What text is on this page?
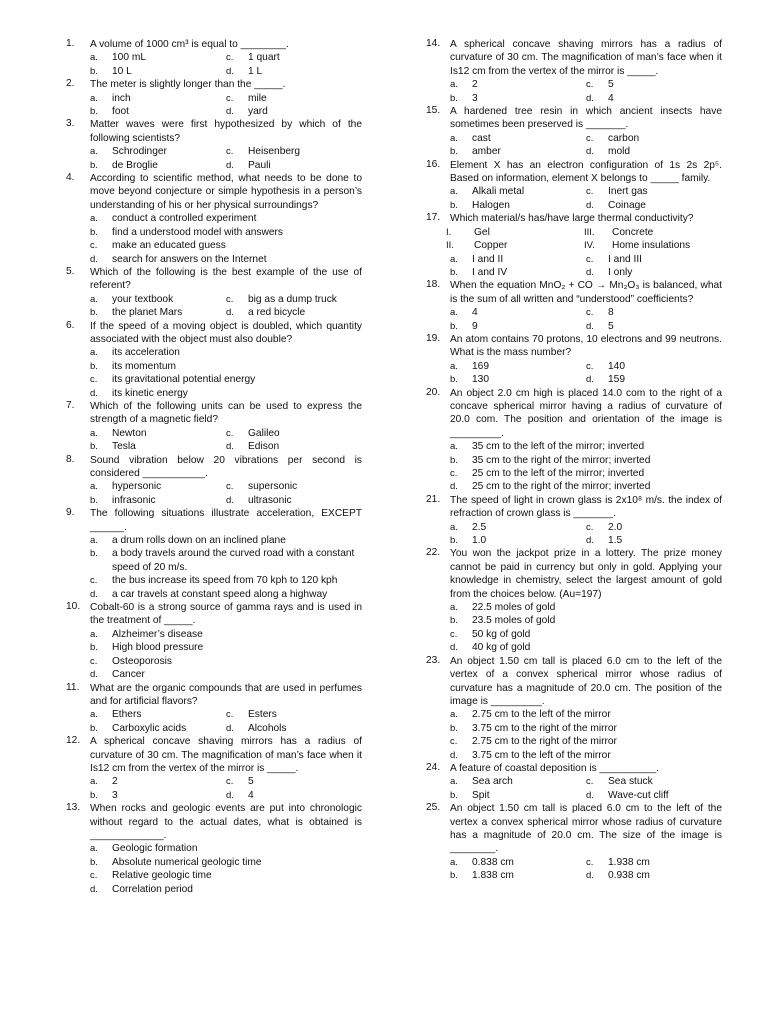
1. A volume of 1000 cm³ is equal to ________.
a. 100 mL	c. 1 quart
b. 10 L	d. 1 L
2. The meter is slightly longer than the _____.
a. inch	c. mile
b. foot	d. yard
3. Matter waves were first hypothesized by which of the following scientists?
a. Schrodinger	c. Heisenberg
b. de Broglie	d. Pauli
4. According to scientific method, what needs to be done to move beyond conjecture or simple hypothesis in a person’s understanding of his or her physical surroundings?
a. conduct a controlled experiment
b. find a understood model with answers
c. make an educated guess
d. search for answers on the Internet
5. Which of the following is the best example of the use of referent?
a. your textbook	c. big as a dump truck
b. the planet Mars	d. a red bicycle
6. If the speed of a moving object is doubled, which quantity associated with the object must also double?
a. its acceleration
b. its momentum
c. its gravitational potential energy
d. its kinetic energy
7. Which of the following units can be used to express the strength of a magnetic field?
a. Newton	c. Galileo
b. Tesla	d. Edison
8. Sound vibration below 20 vibrations per second is considered ___________.
a. hypersonic	c. supersonic
b. infrasonic	d. ultrasonic
9. The following situations illustrate acceleration, EXCEPT ______.
a. a drum rolls down on an inclined plane
b. a body travels around the curved road with a constant speed of 20 m/s.
c. the bus increase its speed from 70 kph to 120 kph
d. a car travels at constant speed along a highway
10. Cobalt-60 is a strong source of gamma rays and is used in the treatment of _____.
a. Alzheimer’s disease
b. High blood pressure
c. Osteoporosis
d. Cancer
11. What are the organic compounds that are used in perfumes and for artificial flavors?
a. Ethers	c. Esters
b. Carboxylic acids	d. Alcohols
12. A spherical concave shaving mirrors has a radius of curvature of 30 cm. The magnification of man’s face when it Is12 cm from the vertex of the mirror is _____.
a. 2	c. 5
b. 3	d. 4
13. When rocks and geologic events are put into chronologic without regard to the actual dates, what is obtained is _____________.
a. Geologic formation
b. Absolute numerical geologic time
c. Relative geologic time
d. Correlation period
14. A spherical concave shaving mirrors has a radius of curvature of 30 cm. The magnification of man’s face when it Is12 cm from the vertex of the mirror is _____.
a. 2	c. 5
b. 3	d. 4
15. A hardened tree resin in which ancient insects have sometimes been preserved is _______.
a. cast	c. carbon
b. amber	d. mold
16. Element X has an electron configuration of 1s 2s 2p⁵. Based on information, element X belongs to _____ family.
a. Alkali metal	c. Inert gas
b. Halogen	d. Coinage
17. Which material/s has/have large thermal conductivity?
I. Gel	III. Concrete
II. Copper	IV. Home insulations
a. I and II	c. I and III
b. I and IV	d. I only
18. When the equation MnO₂ + CO → Mn₂O₃ is balanced, what is the sum of all written and “understood” coefficients?
a. 4	c. 8
b. 9	d. 5
19. An atom contains 70 protons, 10 electrons and 99 neutrons. What is the mass number?
a. 169	c. 140
b. 130	d. 159
20. An object 2.0 cm high is placed 14.0 com to the right of a concave spherical mirror having a radius of curvature of 20.0 com. The position and orientation of the image is _________.
a. 35 cm to the left of the mirror; inverted
b. 35 cm to the right of the mirror; inverted
c. 25 cm to the left of the mirror; inverted
d. 25 cm to the right of the mirror; inverted
21. The speed of light in crown glass is 2x10⁸ m/s. the index of refraction of crown glass is _______.
a. 2.5	c. 2.0
b. 1.0	d. 1.5
22. You won the jackpot prize in a lottery. The prize money cannot be paid in currency but only in gold. Applying your knowledge in chemistry, select the largest amount of gold from the choices below. (Au=197)
a. 22.5 moles of gold
b. 23.5 moles of gold
c. 50 kg of gold
d. 40 kg of gold
23. An object 1.50 cm tall is placed 6.0 cm to the left of the vertex of a convex spherical mirror whose radius of curvature has a magnitude of 20.0 cm. The position of the image is _________.
a. 2.75 cm to the left of the mirror
b. 3.75 cm to the right of the mirror
c. 2.75 cm to the right of the mirror
d. 3.75 cm to the left of the mirror
24. A feature of coastal deposition is __________.
a. Sea arch	c. Sea stuck
b. Spit	d. Wave-cut cliff
25. An object 1.50 cm tall is placed 6.0 cm to the left of the vertex a convex spherical mirror whose radius of curvature has a magnitude of 20.0 cm. The size of the image is ________.
a. 0.838 cm	c. 1.938 cm
b. 1.838 cm	d. 0.938 cm
